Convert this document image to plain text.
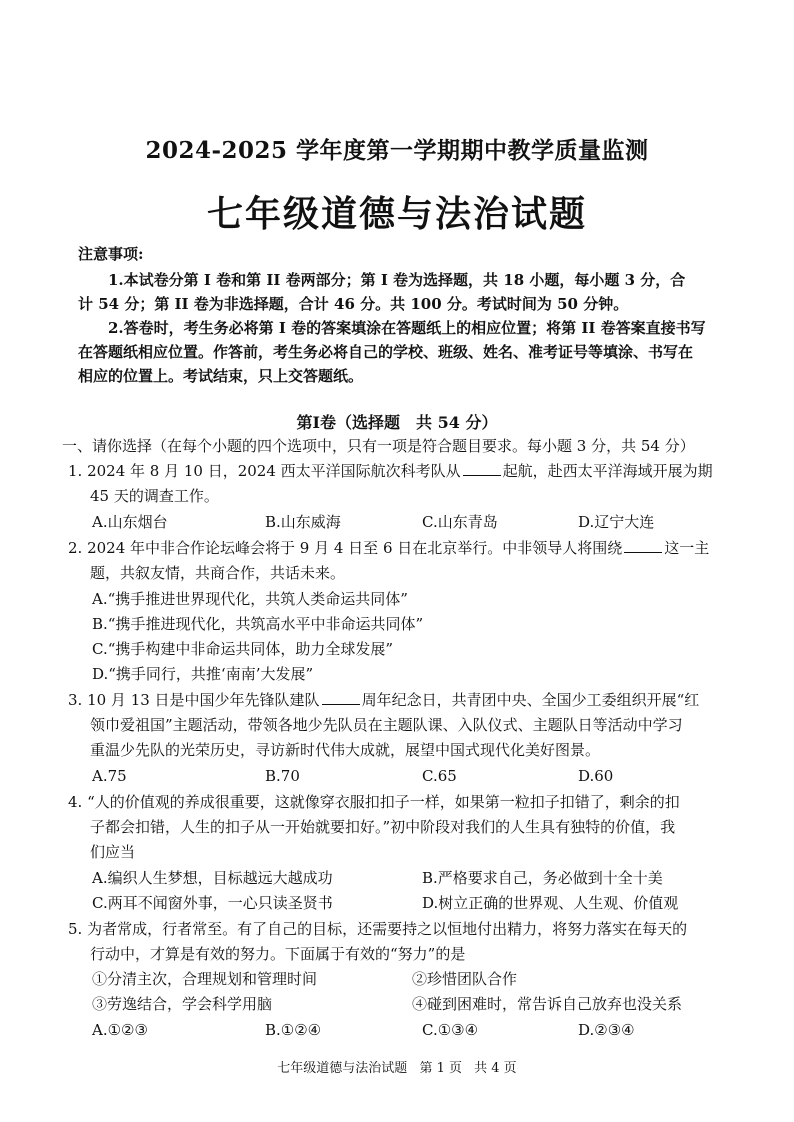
2024-2025 学年度第一学期期中教学质量监测
七年级道德与法治试题
注意事项:
1.本试卷分第 I 卷和第 II 卷两部分；第 I 卷为选择题，共 18 小题，每小题 3 分，合
计 54 分；第 II 卷为非选择题，合计 46 分。共 100 分。考试时间为 50 分钟。
2.答卷时，考生务必将第 I 卷的答案填涂在答题纸上的相应位置；将第 II 卷答案直接书写
在答题纸相应位置。作答前，考生务必将自己的学校、班级、姓名、准考证号等填涂、书写在
相应的位置上。考试结束，只上交答题纸。
第Ⅰ卷（选择题　共 54 分）
一、请你选择（在每个小题的四个选项中，只有一项是符合题目要求。每小题 3 分，共 54 分）
1. 2024 年 8 月 10 日，2024 西太平洋国际航次科考队从	起航，赴西太平洋海域开展为期
45 天的调查工作。
A.山东烟台	B.山东威海	C.山东青岛	D.辽宁大连
2. 2024 年中非合作论坛峰会将于 9 月 4 日至 6 日在北京举行。中非领导人将围绕	这一主
题，共叙友情，共商合作，共话未来。
A.“携手推进世界现代化，共筑人类命运共同体”
B.“携手推进现代化，共筑高水平中非命运共同体”
C.“携手构建中非命运共同体，助力全球发展”
D.“携手同行，共推‘南南’大发展”
3. 10 月 13 日是中国少年先锋队建队	周年纪念日，共青团中央、全国少工委组织开展“红
领巾爱祖国”主题活动，带领各地少先队员在主题队课、入队仪式、主题队日等活动中学习
重温少先队的光荣历史，寻访新时代伟大成就，展望中国式现代化美好图景。
A.75	B.70	C.65	D.60
4. “人的价值观的养成很重要，这就像穿衣服扣扣子一样，如果第一粒扣子扣错了，剩余的扣
子都会扣错，人生的扣子从一开始就要扣好。”初中阶段对我们的人生具有独特的价值，我
们应当
A.编织人生梦想，目标越远大越成功	B.严格要求自己，务必做到十全十美
C.两耳不闻窗外事，一心只读圣贤书	D.树立正确的世界观、人生观、价值观
5. 为者常成，行者常至。有了自己的目标，还需要持之以恒地付出精力，将努力落实在每天的
行动中，才算是有效的努力。下面属于有效的“努力”的是
①分清主次，合理规划和管理时间	②珍惜团队合作
③劳逸结合，学会科学用脑	④碰到困难时，常告诉自己放弃也没关系
A.①②③	B.①②④	C.①③④	D.②③④
七年级道德与法治试题 第 1 页 共 4 页
